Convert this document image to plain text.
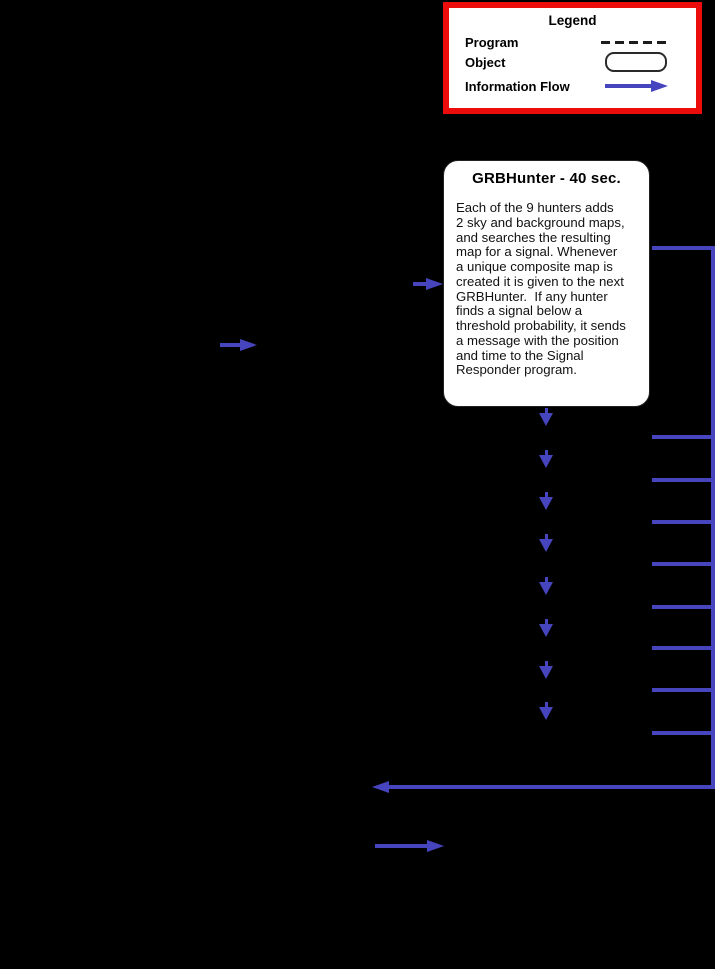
Legend
Program
Object
Information Flow
GRBHunter - 40 sec.
Each of the 9 hunters adds
2 sky and background maps,
and searches the resulting
map for a signal. Whenever
a unique composite map is
created it is given to the next
GRBHunter.  If any hunter
finds a signal below a
threshold probability, it sends
a message with the position
and time to the Signal
Responder program.
